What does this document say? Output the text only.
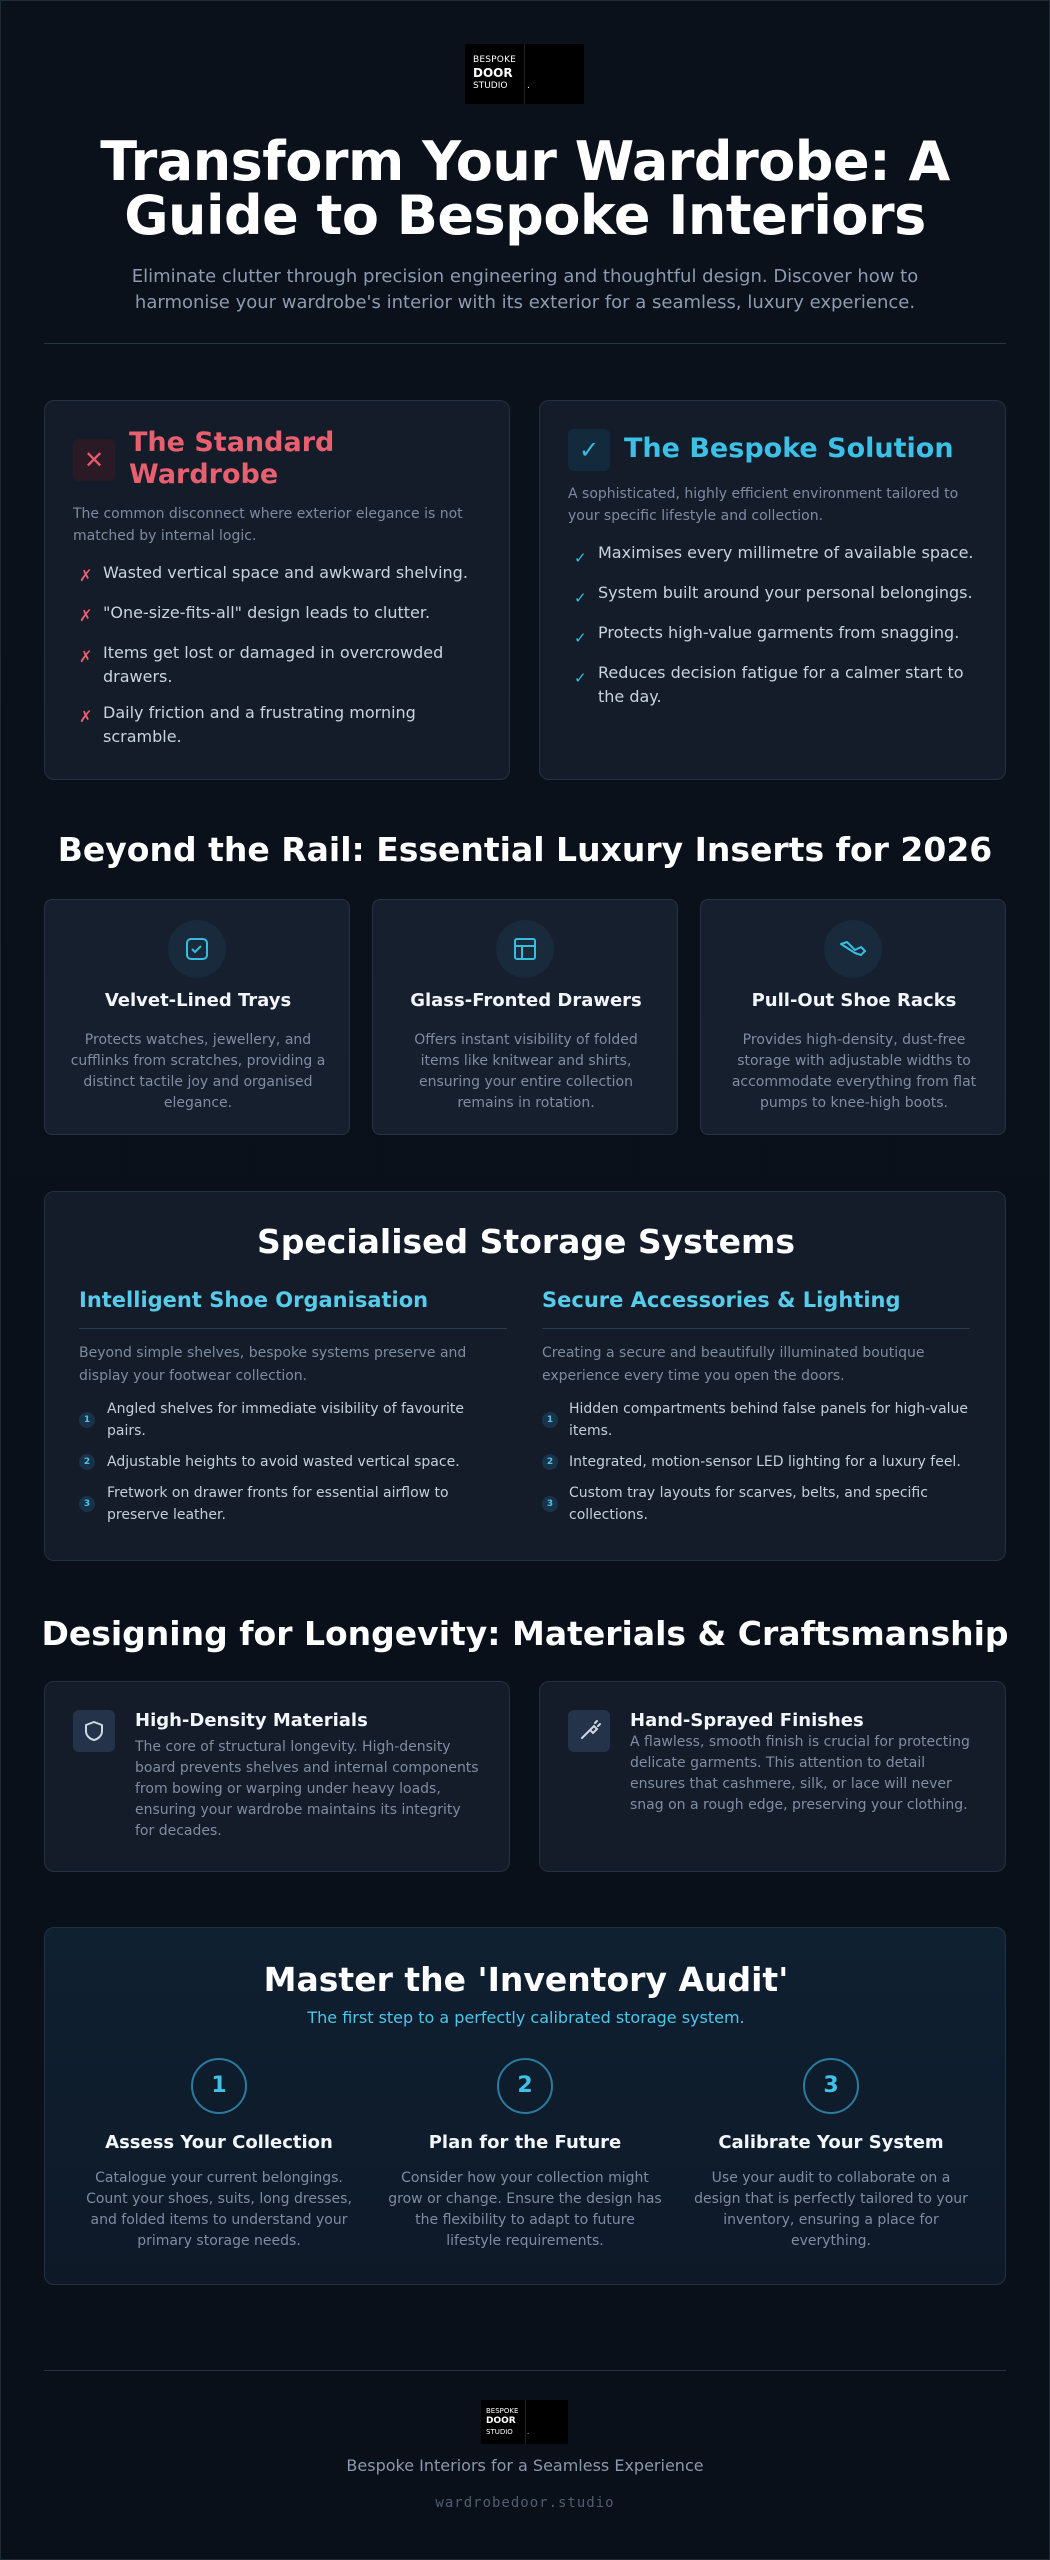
BESPOKE
DOOR
STUDIO .
Transform Your Wardrobe: A
Guide to Bespoke Interiors
Eliminate clutter through precision engineering and thoughtful design. Discover how to
harmonise your wardrobe's interior with its exterior for a seamless, luxury experience.
✕
The Standard
Wardrobe
The common disconnect where exterior elegance is not
matched by internal logic.
✗ Wasted vertical space and awkward shelving.
✗ "One-size-fits-all" design leads to clutter.
✗ Items get lost or damaged in overcrowded
drawers.
✗ Daily friction and a frustrating morning
scramble.
✓ The Bespoke Solution
A sophisticated, highly efficient environment tailored to
your specific lifestyle and collection.
✓ Maximises every millimetre of available space.
✓ System built around your personal belongings.
✓ Protects high-value garments from snagging.
✓ Reduces decision fatigue for a calmer start to
the day.
Beyond the Rail: Essential Luxury Inserts for 2026
Velvet-Lined Trays
Protects watches, jewellery, and
cufflinks from scratches, providing a
distinct tactile joy and organised
elegance.
Glass-Fronted Drawers
Offers instant visibility of folded
items like knitwear and shirts,
ensuring your entire collection
remains in rotation.
Pull-Out Shoe Racks
Provides high-density, dust-free
storage with adjustable widths to
accommodate everything from flat
pumps to knee-high boots.
Specialised Storage Systems
Intelligent Shoe Organisation
Beyond simple shelves, bespoke systems preserve and
display your footwear collection.
1
Angled shelves for immediate visibility of favourite
pairs.
2	Adjustable heights to avoid wasted vertical space.
3
Fretwork on drawer fronts for essential airflow to
preserve leather.
Secure Accessories & Lighting
Creating a secure and beautifully illuminated boutique
experience every time you open the doors.
1
Hidden compartments behind false panels for high-value
items.
2	Integrated, motion-sensor LED lighting for a luxury feel.
3
Custom tray layouts for scarves, belts, and specific
collections.
Designing for Longevity: Materials & Craftsmanship
High-Density Materials
The core of structural longevity. High-density
board prevents shelves and internal components
from bowing or warping under heavy loads,
ensuring your wardrobe maintains its integrity
for decades.
Hand-Sprayed Finishes
A flawless, smooth finish is crucial for protecting
delicate garments. This attention to detail
ensures that cashmere, silk, or lace will never
snag on a rough edge, preserving your clothing.
Master the 'Inventory Audit'
The first step to a perfectly calibrated storage system.
1
Assess Your Collection
Catalogue your current belongings.
Count your shoes, suits, long dresses,
and folded items to understand your
primary storage needs.
2
Plan for the Future
Consider how your collection might
grow or change. Ensure the design has
the flexibility to adapt to future
lifestyle requirements.
3
Calibrate Your System
Use your audit to collaborate on a
design that is perfectly tailored to your
inventory, ensuring a place for
everything.
BESPOKE
DOOR
STUDIO .
Bespoke Interiors for a Seamless Experience
wardrobedoor.studio
